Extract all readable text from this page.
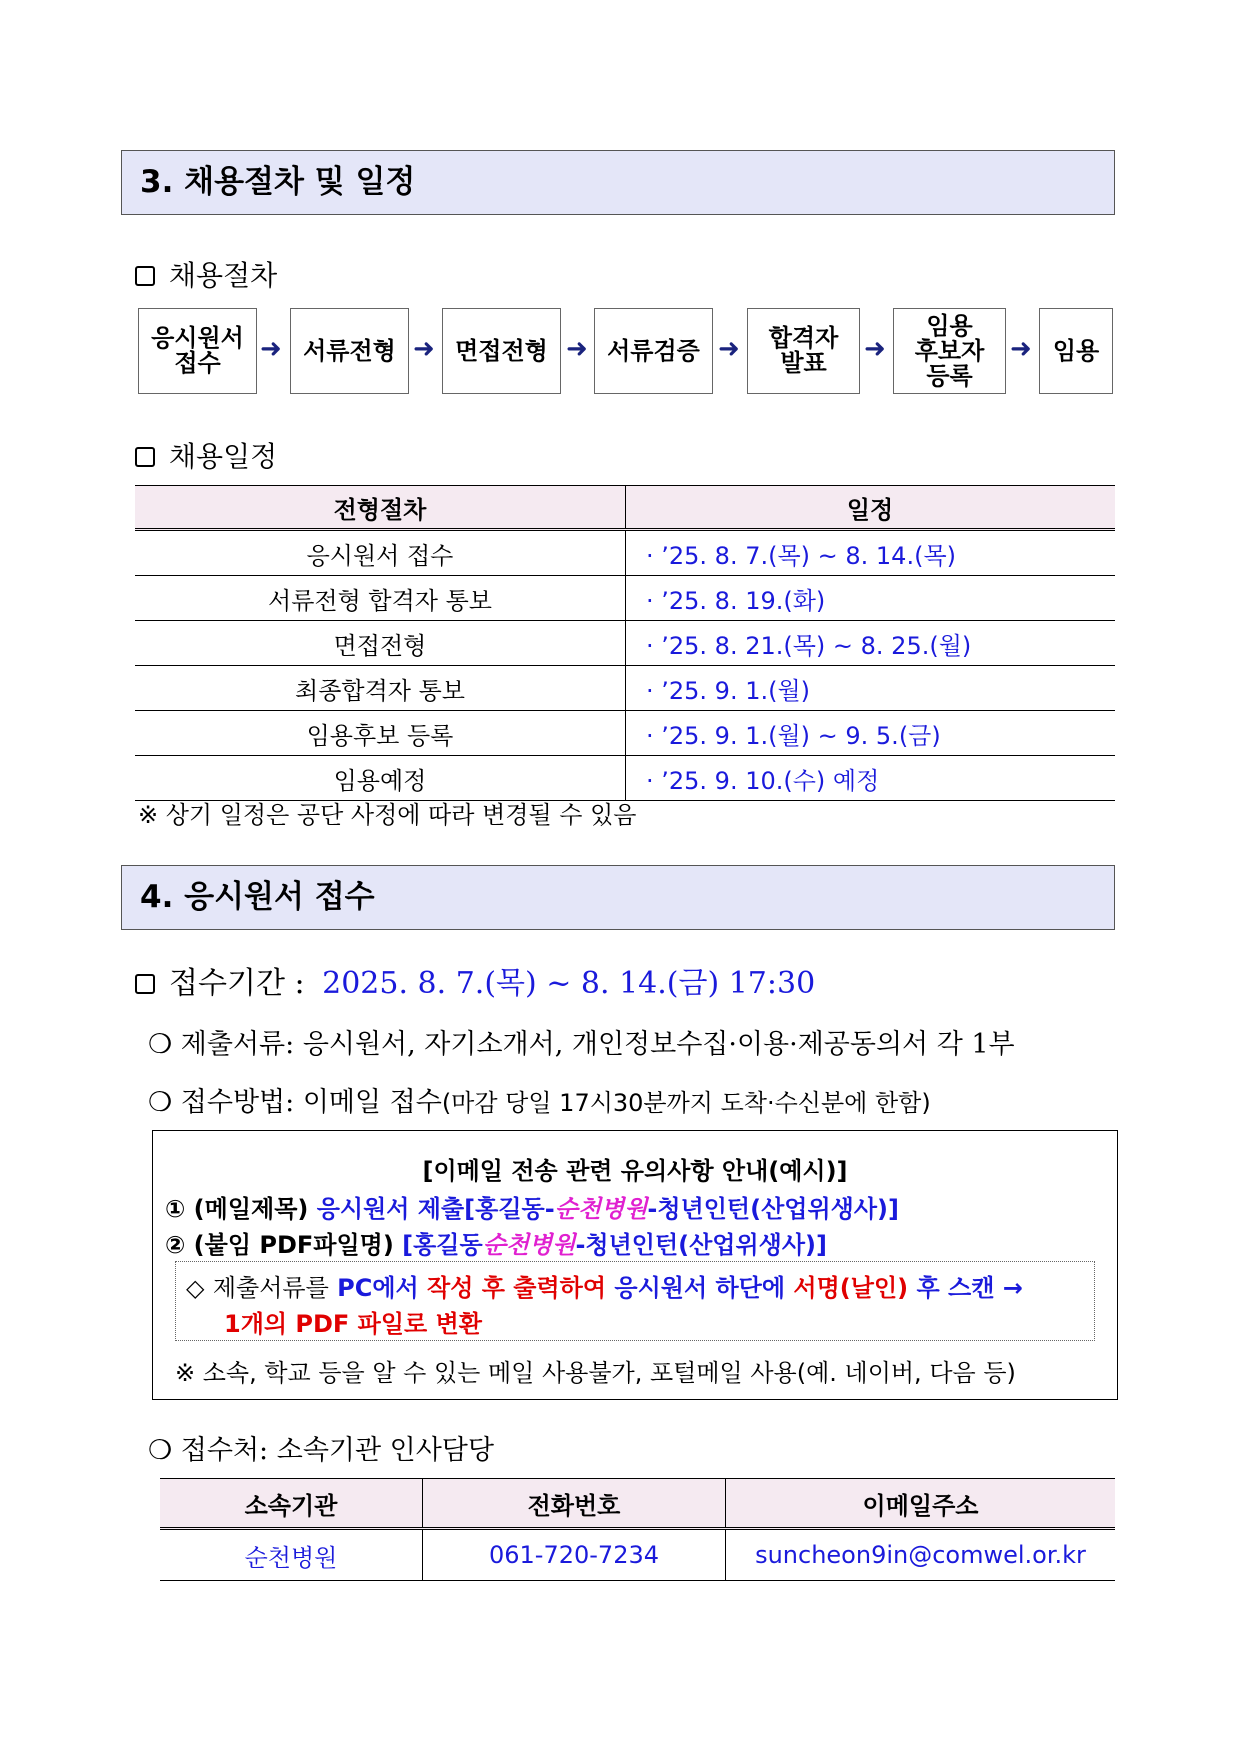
3. 채용절차 및 일정
채용절차
응시원서
접수	➜ 서류전형 ➜ 면접전형 ➜ 서류검증 ➜ 합격자
발표	➜
임용
후보자
등록
➜ 임용
채용일정
전형절차	일정
응시원서 접수	· ’25. 8. 7.(목) ~ 8. 14.(목)
서류전형 합격자 통보	· ’25. 8. 19.(화)
면접전형	· ’25. 8. 21.(목) ~ 8. 25.(월)
최종합격자 통보	· ’25. 9. 1.(월)
임용후보 등록	· ’25. 9. 1.(월) ~ 9. 5.(금)
임용예정	· ’25. 9. 10.(수) 예정
※ 상기 일정은 공단 사정에 따라 변경될 수 있음
4. 응시원서 접수
접수기간 : 2025. 8. 7.(목) ~ 8. 14.(금) 17:30
❍ 제출서류: 응시원서, 자기소개서, 개인정보수집·이용·제공동의서 각 1부
❍ 접수방법: 이메일 접수(마감 당일 17시30분까지 도착·수신분에 한함)
[이메일 전송 관련 유의사항 안내(예시)]
① (메일제목) 응시원서 제출[홍길동-순천병원-청년인턴(산업위생사)]
② (붙임 PDF파일명) [홍길동순천병원-청년인턴(산업위생사)]
◇ 제출서류를 PC에서 작성 후 출력하여 응시원서 하단에 서명(날인) 후 스캔 →
1개의 PDF 파일로 변환
※ 소속, 학교 등을 알 수 있는 메일 사용불가, 포털메일 사용(예. 네이버, 다음 등)
❍ 접수처: 소속기관 인사담당
소속기관	전화번호	이메일주소
순천병원	061-720-7234	suncheon9in@comwel.or.kr
